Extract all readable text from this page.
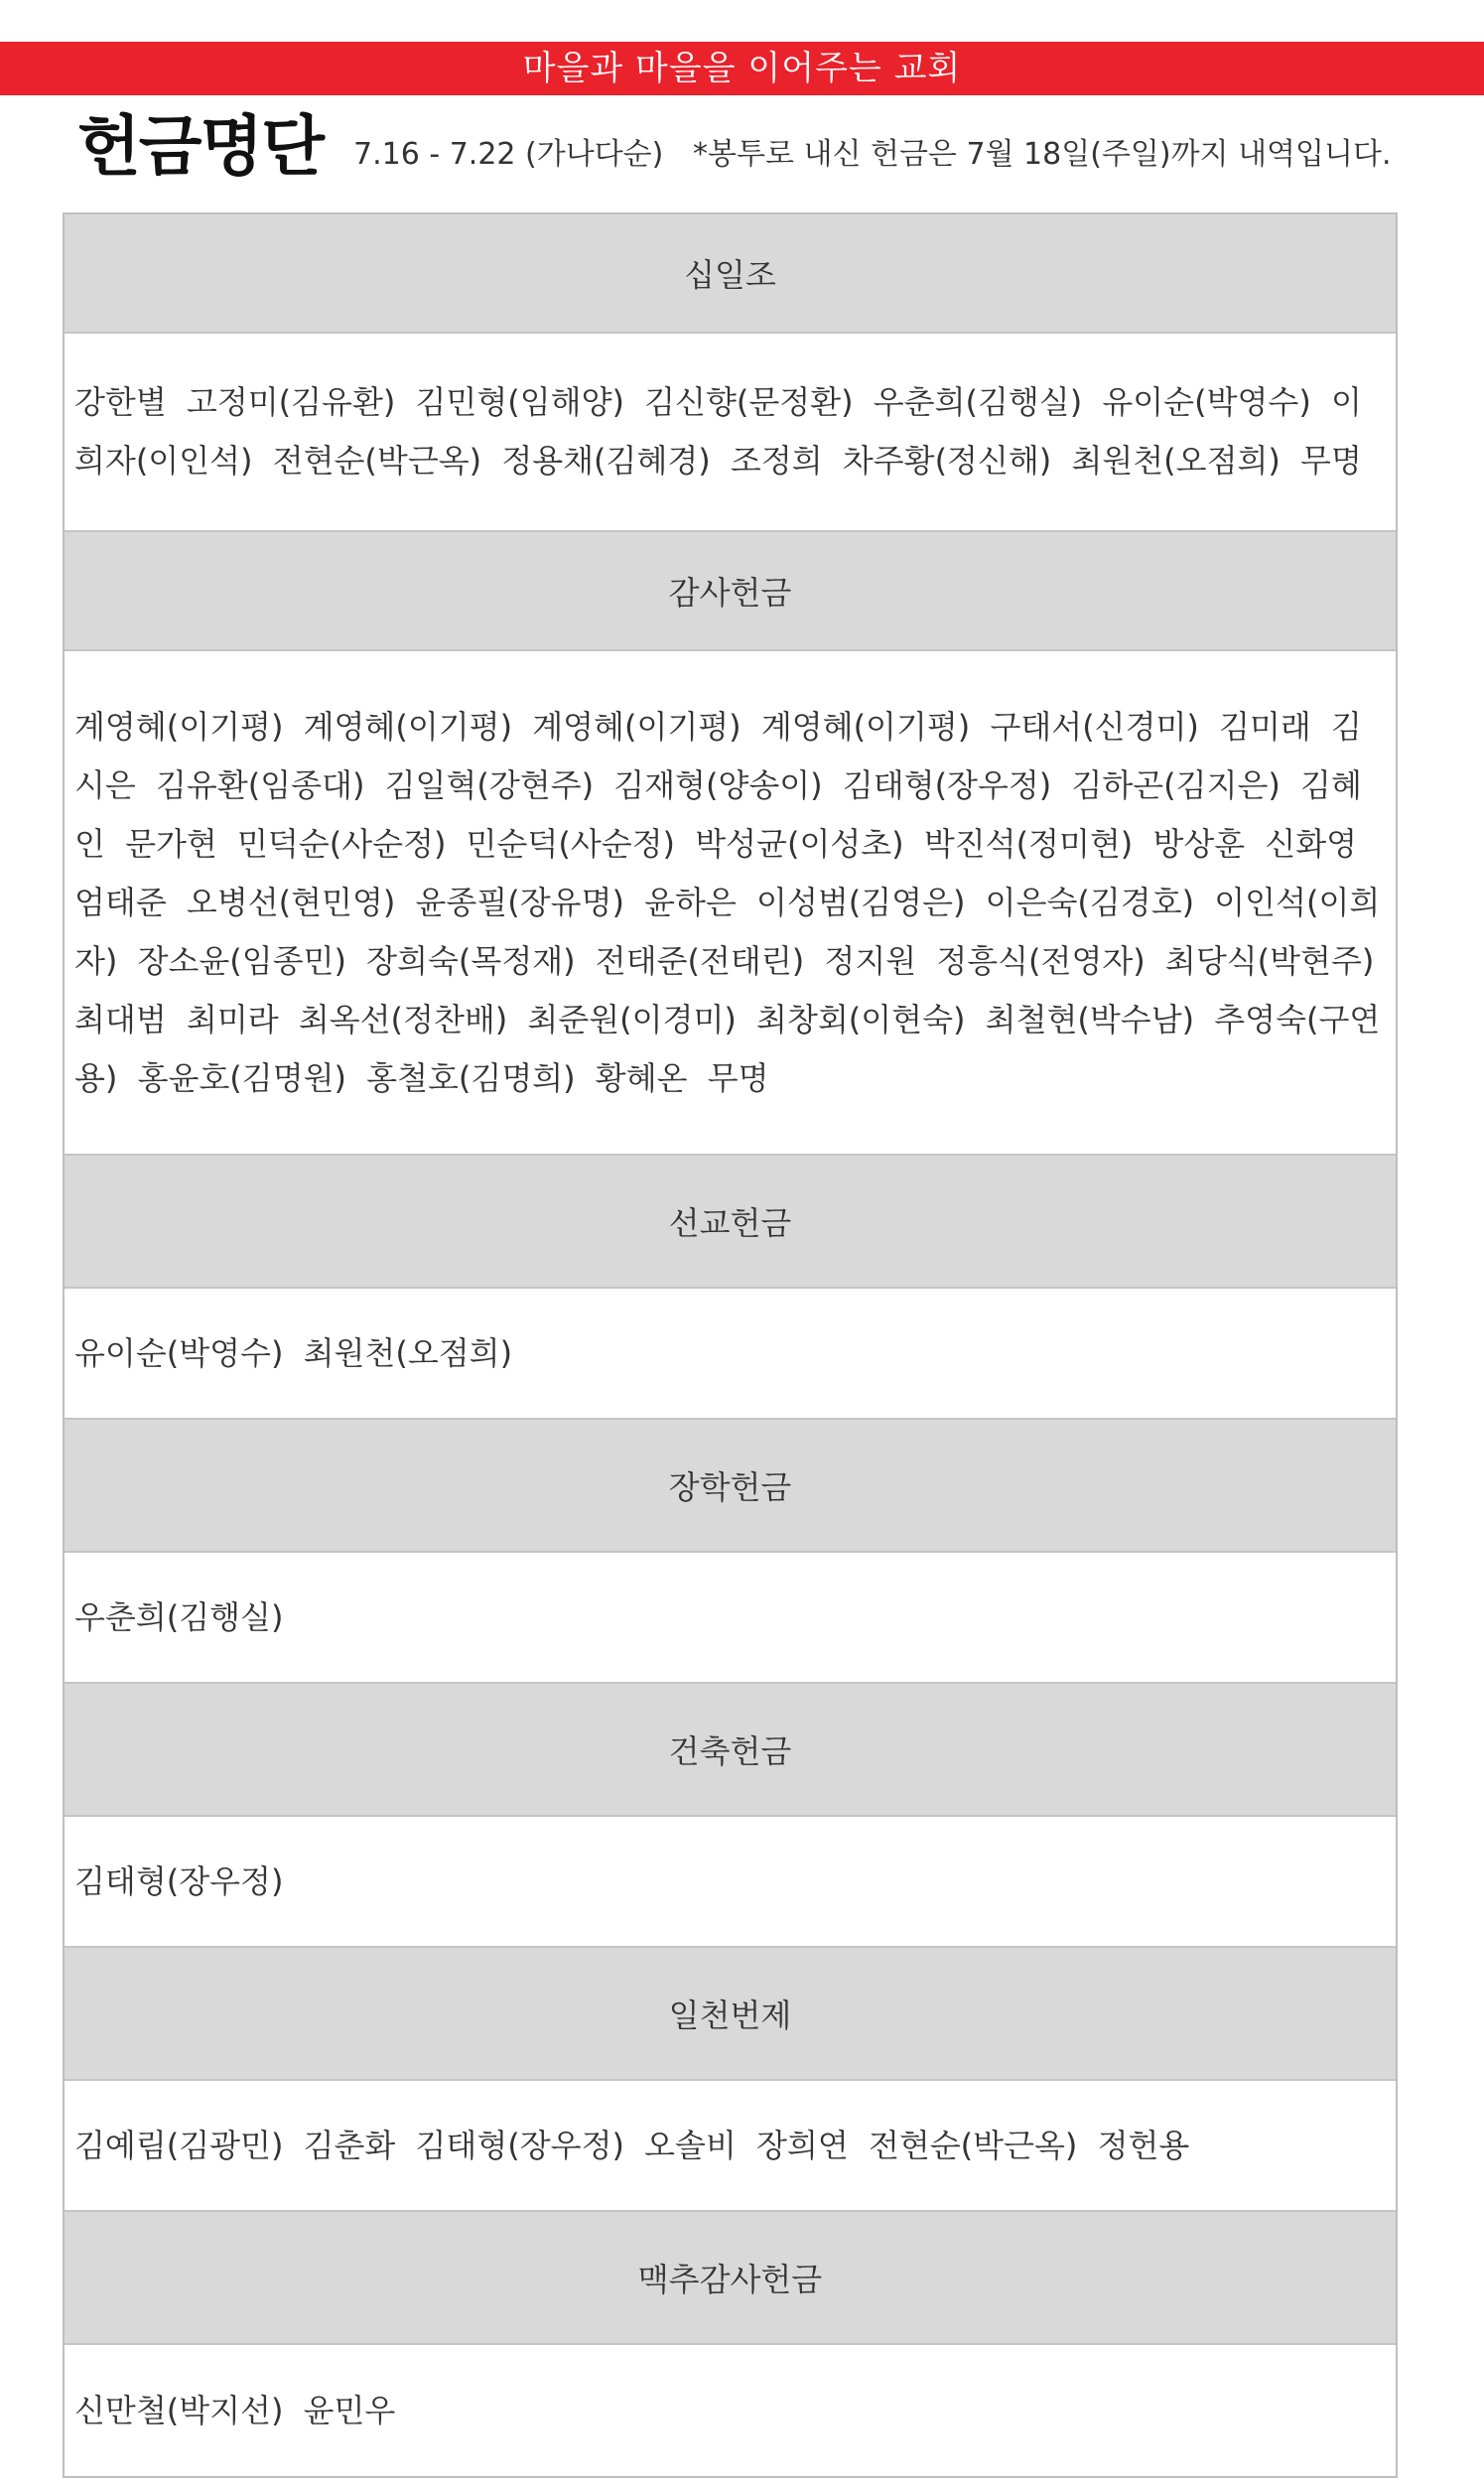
마을과 마을을 이어주는 교회
헌금명단 7.16 - 7.22 (가나다순) *봉투로 내신 헌금은 7월 18일(주일)까지 내역입니다.
십일조
강한별 고정미(김유환) 김민형(임해양) 김신향(문정환) 우춘희(김행실) 유이순(박영수) 이희자(이인석) 전현순(박근옥) 정용채(김혜경) 조정희 차주황(정신해) 최원천(오점희) 무명
감사헌금
계영혜(이기평) 계영혜(이기평) 계영혜(이기평) 계영혜(이기평) 구태서(신경미) 김미래 김시은 김유환(임종대) 김일혁(강현주) 김재형(양송이) 김태형(장우정) 김하곤(김지은) 김혜인 문가현 민덕순(사순정) 민순덕(사순정) 박성균(이성초) 박진석(정미현) 방상훈 신화영 엄태준 오병선(현민영) 윤종필(장유명) 윤하은 이성범(김영은) 이은숙(김경호) 이인석(이희자) 장소윤(임종민) 장희숙(목정재) 전태준(전태린) 정지원 정흥식(전영자) 최당식(박현주) 최대범 최미라 최옥선(정찬배) 최준원(이경미) 최창회(이현숙) 최철현(박수남) 추영숙(구연용) 홍윤호(김명원) 홍철호(김명희) 황혜온 무명
선교헌금
유이순(박영수) 최원천(오점희)
장학헌금
우춘희(김행실)
건축헌금
김태형(장우정)
일천번제
김예림(김광민) 김춘화 김태형(장우정) 오솔비 장희연 전현순(박근옥) 정헌용
맥추감사헌금
신만철(박지선) 윤민우
